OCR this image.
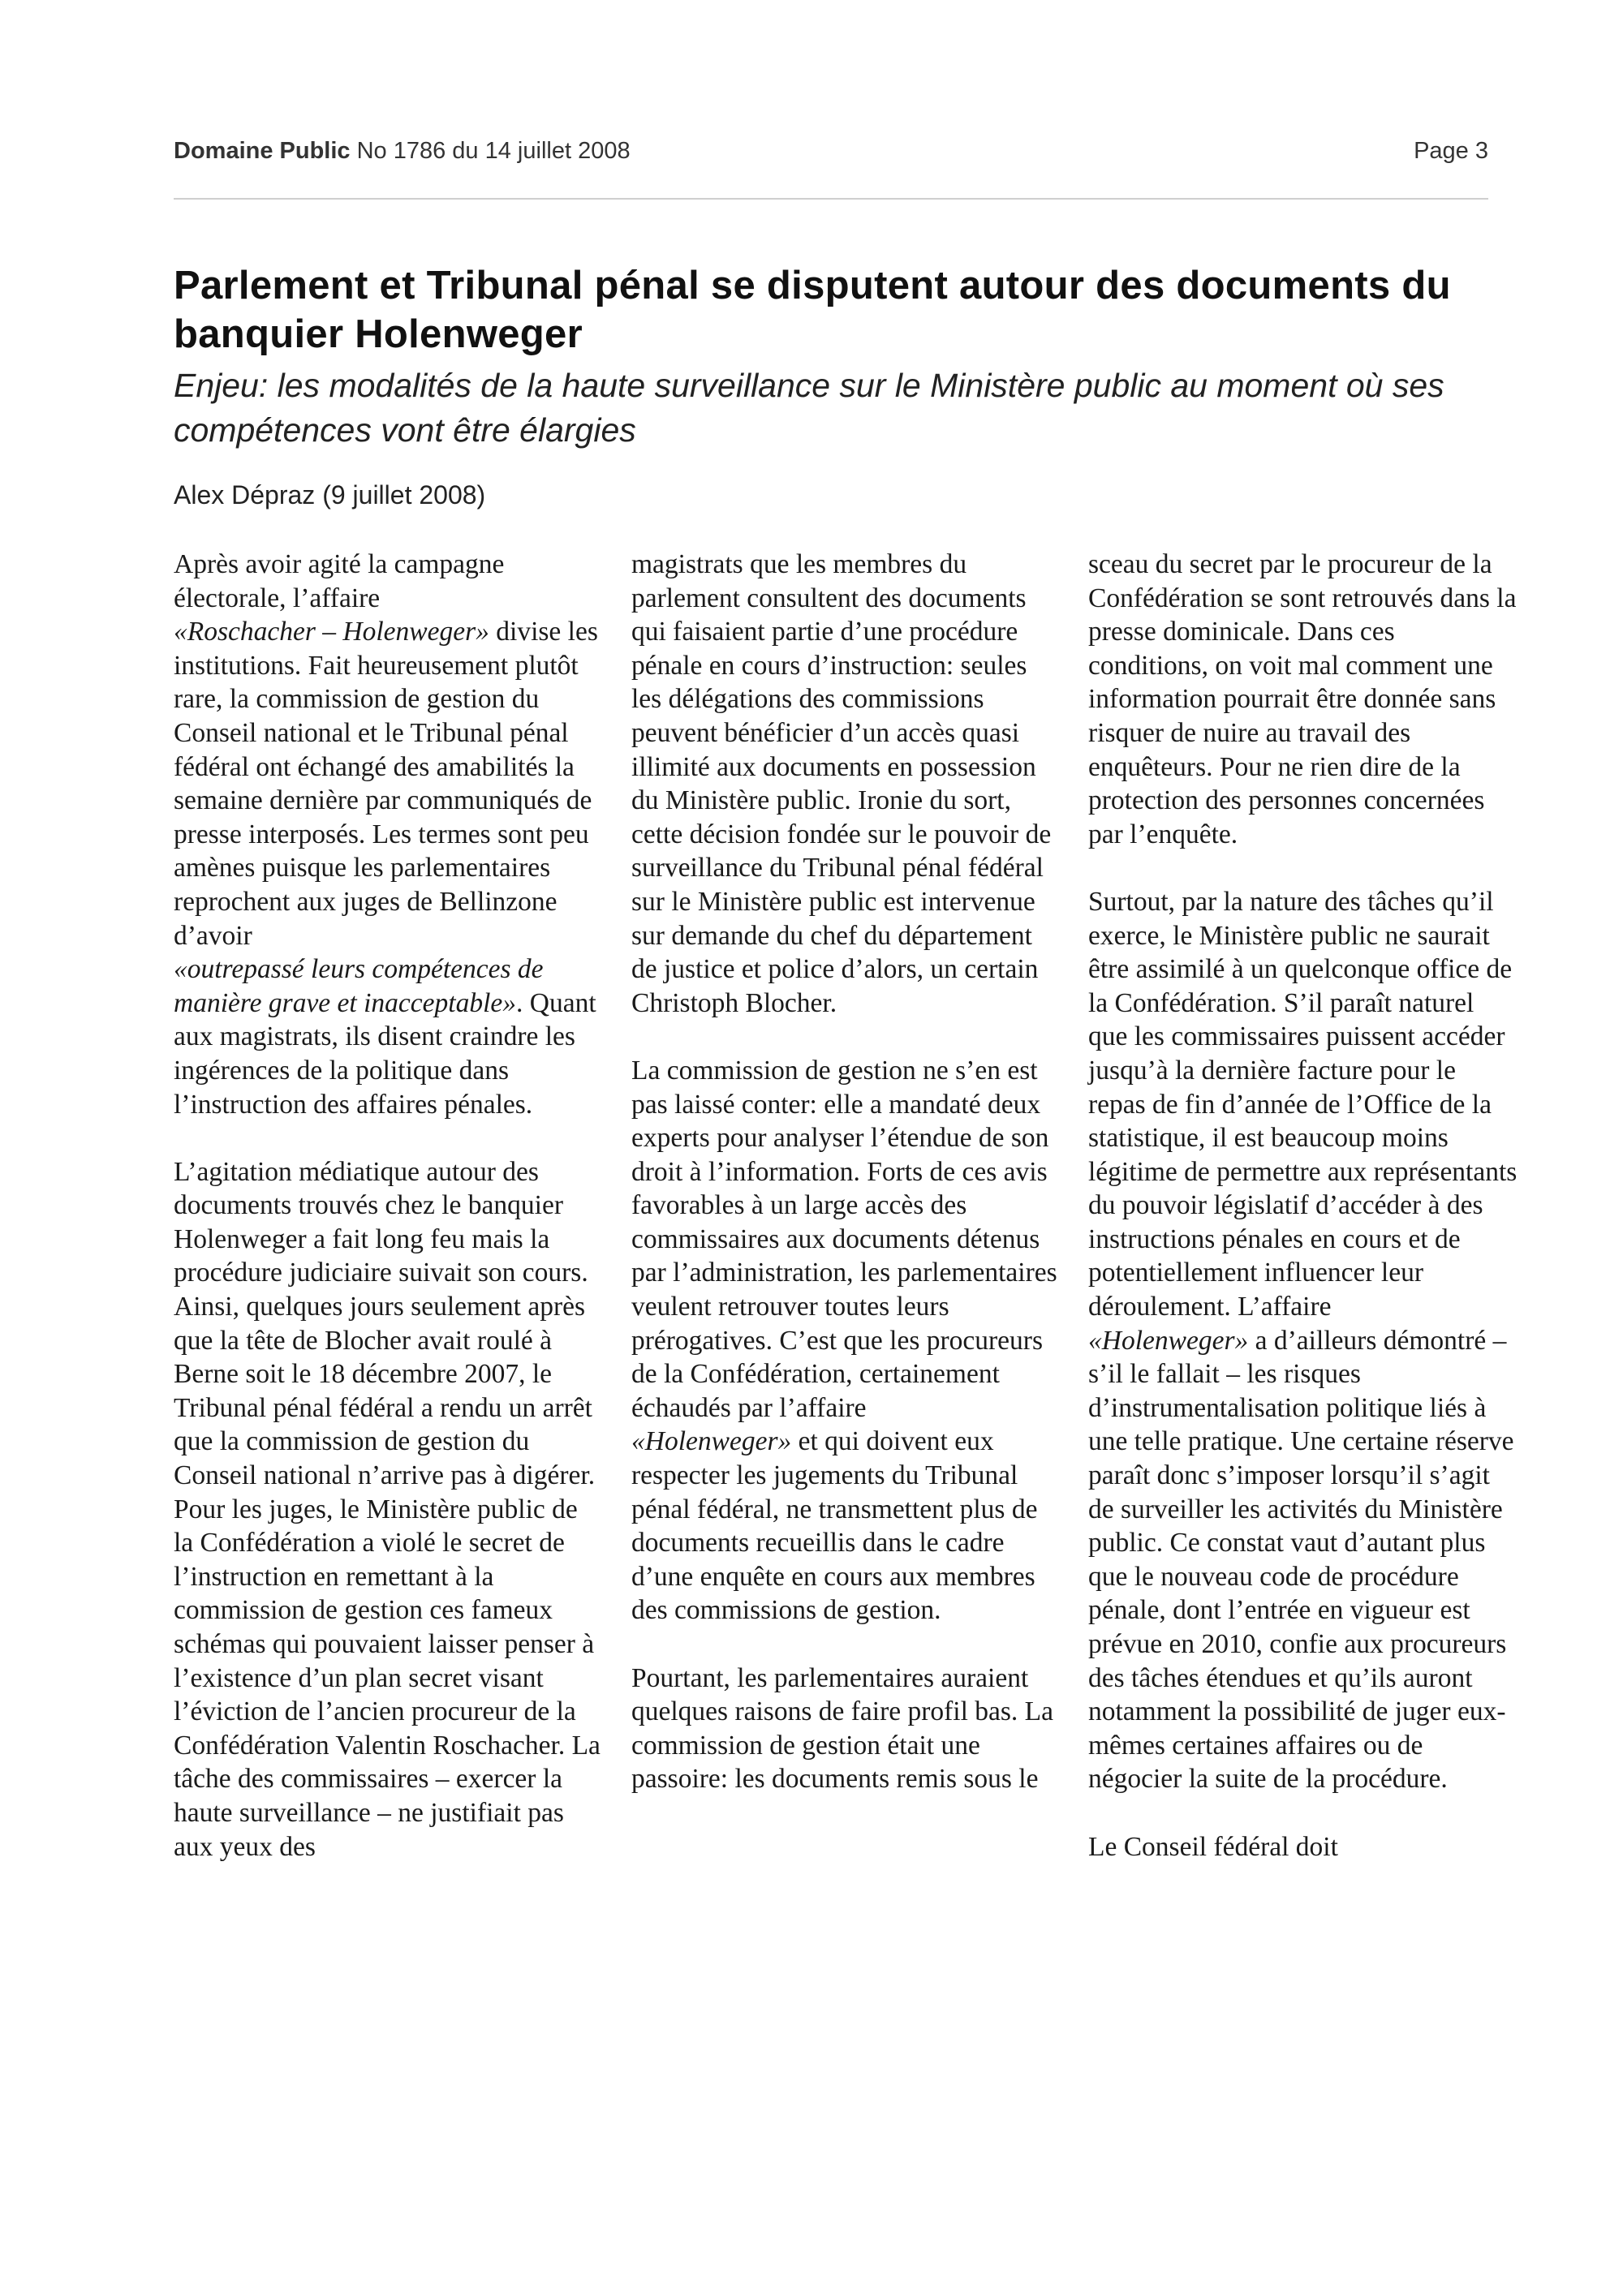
Domaine Public No 1786 du 14 juillet 2008	Page 3
Parlement et Tribunal pénal se disputent autour des documents du banquier Holenweger

Enjeu: les modalités de la haute surveillance sur le Ministère public au moment où ses compétences vont être élargies

Alex Dépraz (9 juillet 2008)

Après avoir agité la campagne électorale, l’affaire
«Roschacher – Holenweger» divise les institutions. Fait heureusement plutôt rare, la commission de gestion du Conseil national et le Tribunal pénal fédéral ont échangé des amabilités la semaine dernière par communiqués de presse interposés. Les termes sont peu amènes puisque les parlementaires reprochent aux juges de Bellinzone d’avoir
«outrepassé leurs compétences de manière grave et inacceptable». Quant aux magistrats, ils disent craindre les ingérences de la politique dans l’instruction des affaires pénales.

L’agitation médiatique autour des documents trouvés chez le banquier Holenweger a fait long feu mais la procédure judiciaire suivait son cours. Ainsi, quelques jours seulement après que la tête de Blocher avait roulé à Berne soit le 18 décembre 2007, le Tribunal pénal fédéral a rendu un arrêt que la commission de gestion du Conseil national n’arrive pas à digérer. Pour les juges, le Ministère public de la Confédération a violé le secret de l’instruction en remettant à la commission de gestion ces fameux schémas qui pouvaient laisser penser à l’existence d’un plan secret visant l’éviction de l’ancien procureur de la Confédération Valentin Roschacher. La tâche des commissaires – exercer la haute surveillance – ne justifiait pas aux yeux des

magistrats que les membres du parlement consultent des documents qui faisaient partie d’une procédure pénale en cours d’instruction: seules les délégations des commissions peuvent bénéficier d’un accès quasi illimité aux documents en possession du Ministère public. Ironie du sort, cette décision fondée sur le pouvoir de surveillance du Tribunal pénal fédéral sur le Ministère public est intervenue sur demande du chef du département de justice et police d’alors, un certain Christoph Blocher.

La commission de gestion ne s’en est pas laissé conter: elle a mandaté deux experts pour analyser l’étendue de son droit à l’information. Forts de ces avis favorables à un large accès des commissaires aux documents détenus par l’administration, les parlementaires veulent retrouver toutes leurs prérogatives. C’est que les procureurs de la Confédération, certainement échaudés par l’affaire
«Holenweger» et qui doivent eux respecter les jugements du Tribunal pénal fédéral, ne transmettent plus de documents recueillis dans le cadre d’une enquête en cours aux membres des commissions de gestion.

Pourtant, les parlementaires auraient quelques raisons de faire profil bas. La commission de gestion était une passoire: les documents remis sous le

sceau du secret par le procureur de la Confédération se sont retrouvés dans la presse dominicale. Dans ces conditions, on voit mal comment une information pourrait être donnée sans risquer de nuire au travail des enquêteurs. Pour ne rien dire de la protection des personnes concernées par l’enquête.

Surtout, par la nature des tâches qu’il exerce, le Ministère public ne saurait être assimilé à un quelconque office de la Confédération. S’il paraît naturel que les commissaires puissent accéder jusqu’à la dernière facture pour le repas de fin d’année de l’Office de la statistique, il est beaucoup moins légitime de permettre aux représentants du pouvoir législatif d’accéder à des instructions pénales en cours et de potentiellement influencer leur déroulement. L’affaire
«Holenweger» a d’ailleurs démontré – s’il le fallait – les risques d’instrumentalisation politique liés à une telle pratique. Une certaine réserve paraît donc s’imposer lorsqu’il s’agit de surveiller les activités du Ministère public. Ce constat vaut d’autant plus que le nouveau code de procédure pénale, dont l’entrée en vigueur est prévue en 2010, confie aux procureurs des tâches étendues et qu’ils auront notamment la possibilité de juger eux-mêmes certaines affaires ou de négocier la suite de la procédure.

Le Conseil fédéral doit
